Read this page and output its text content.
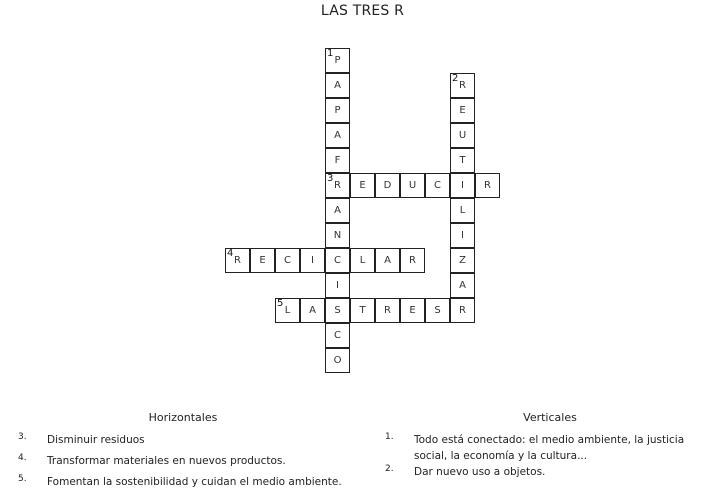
LAS TRES R
P
1
A
P
A
F
R
3
A
N
C
I
S
C
O
R
2
E
U
T
I
L
I
Z
A
R
E	D	U	C	R
R
4
E	C	I	L	A	R
L
5
A	T	R	E	S
Horizontales	Verticales
3. Disminuir residuos
4. Transformar materiales en nuevos productos.
5. Fomentan la sostenibilidad y cuidan el medio ambiente.
1. Todo está conectado: el medio ambiente, la justicia social, la economía y la cultura...
2. Dar nuevo uso a objetos.
